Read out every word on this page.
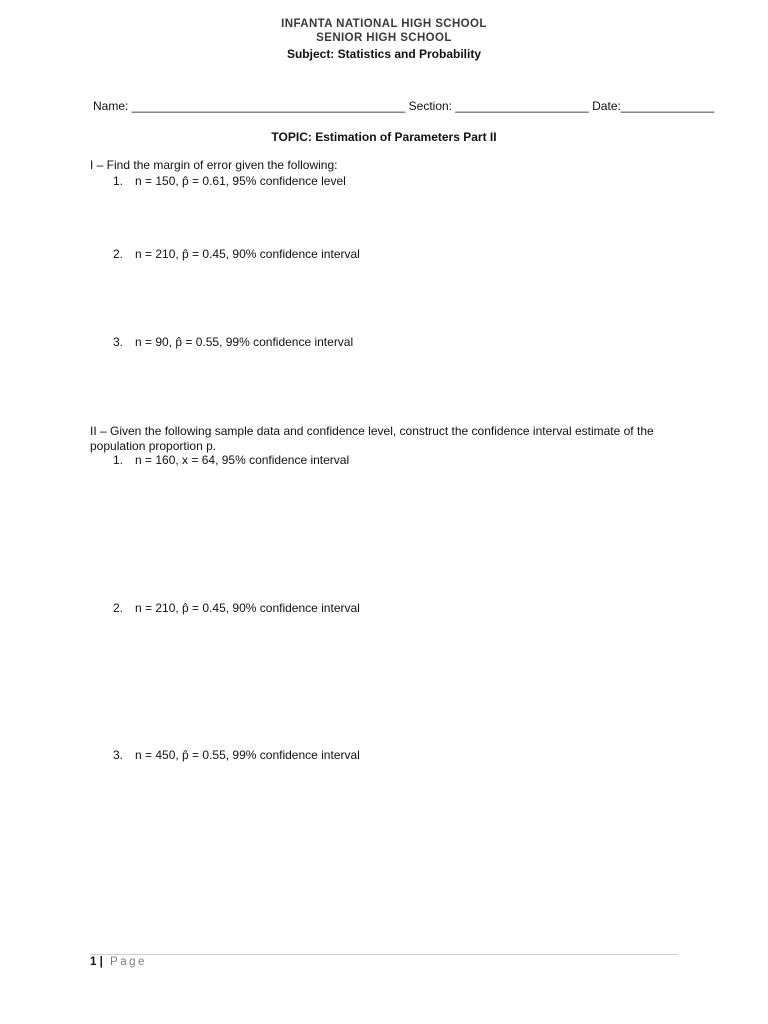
INFANTA NATIONAL HIGH SCHOOL
SENIOR HIGH SCHOOL
Subject: Statistics and Probability
Name: _________________________________________ Section: ____________________ Date:______________
TOPIC: Estimation of Parameters Part II
I – Find the margin of error given the following:
1. n = 150, p̂ = 0.61, 95% confidence level
2. n = 210, p̂ = 0.45, 90% confidence interval
3. n = 90, p̂ = 0.55, 99% confidence interval
II – Given the following sample data and confidence level, construct the confidence interval estimate of the population proportion p.
1. n = 160, x = 64, 95% confidence interval
2. n = 210, p̂ = 0.45, 90% confidence interval
3. n = 450, p̂ = 0.55, 99% confidence interval
1 | Page
